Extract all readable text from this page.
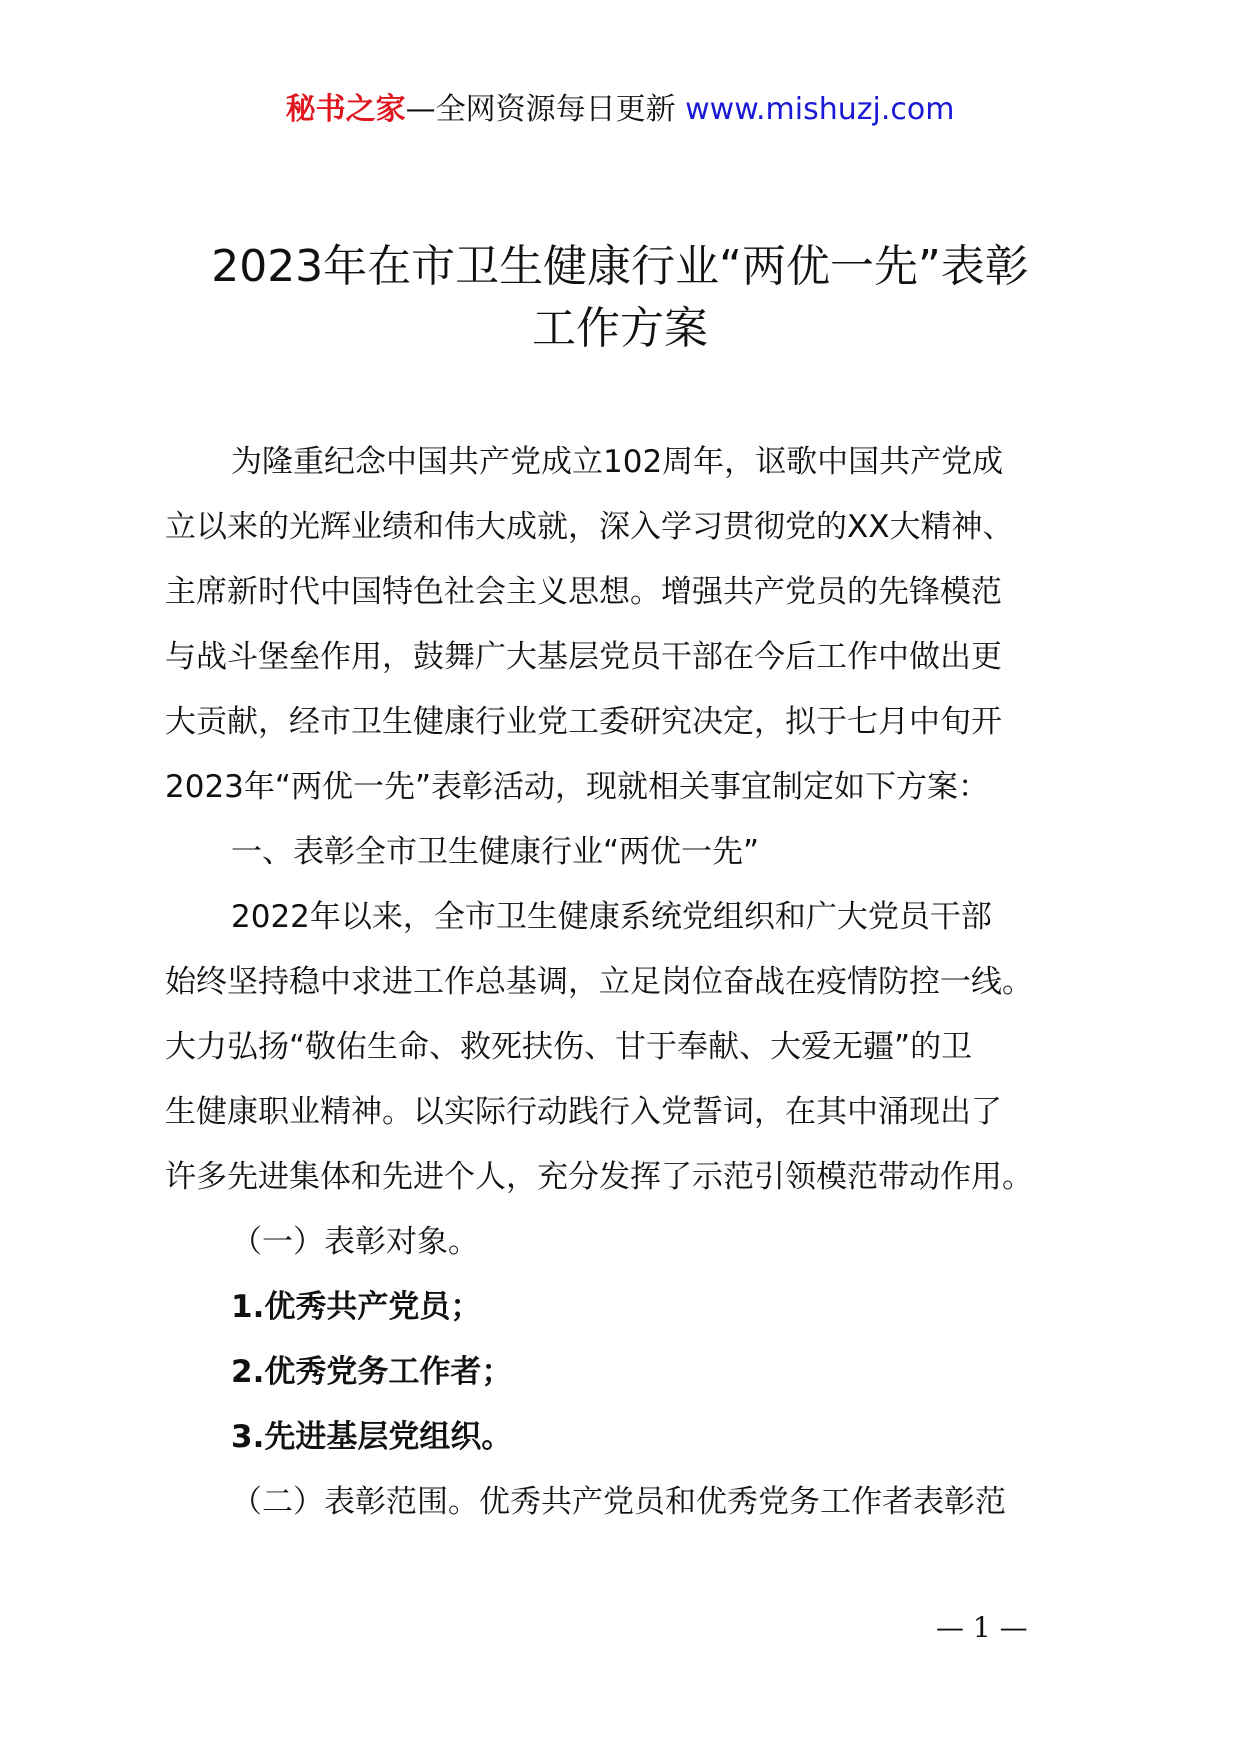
秘书之家—全网资源每日更新 www.mishuzj.com
2023年在市卫生健康行业“两优一先”表彰
工作方案
为隆重纪念中国共产党成立102周年，讴歌中国共产党成
立以来的光辉业绩和伟大成就，深入学习贯彻党的XX大精神、
主席新时代中国特色社会主义思想。增强共产党员的先锋模范
与战斗堡垒作用，鼓舞广大基层党员干部在今后工作中做出更
大贡献，经市卫生健康行业党工委研究决定，拟于七月中旬开
2023年“两优一先”表彰活动，现就相关事宜制定如下方案：
一、表彰全市卫生健康行业“两优一先”
2022年以来，全市卫生健康系统党组织和广大党员干部
始终坚持稳中求进工作总基调，立足岗位奋战在疫情防控一线。
大力弘扬“敬佑生命、救死扶伤、甘于奉献、大爱无疆”的卫
生健康职业精神。以实际行动践行入党誓词，在其中涌现出了
许多先进集体和先进个人，充分发挥了示范引领模范带动作用。
（一）表彰对象。
1.优秀共产党员；
2.优秀党务工作者；
3.先进基层党组织。
（二）表彰范围。优秀共产党员和优秀党务工作者表彰范
— 1 —
